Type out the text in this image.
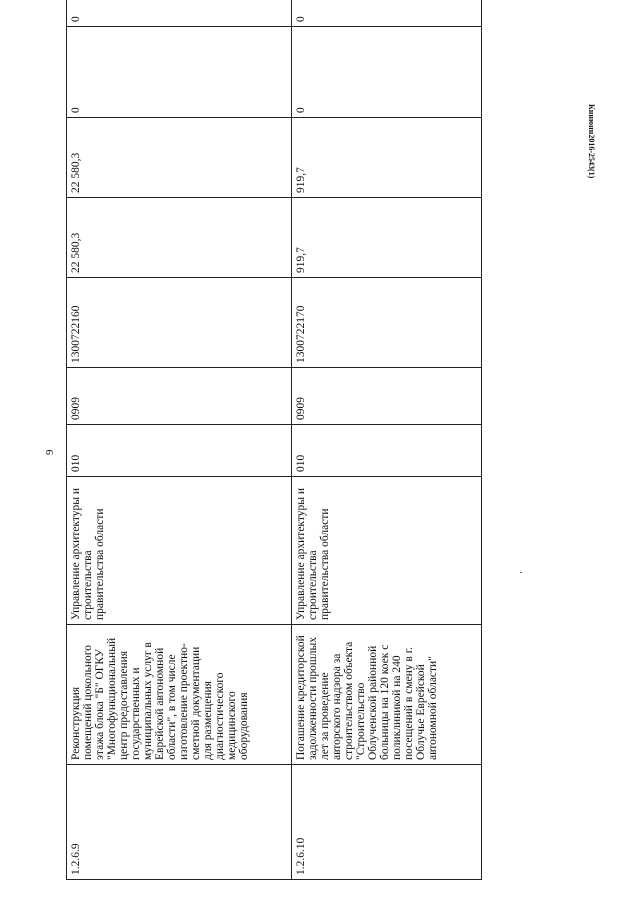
9
Кннюнн2016-2543(1)
1.2.6.9	Реконструкция помещений цокольного этажа блока "Б" ОГКУ "Многофункциональный центр предоставления государственных и муниципальных услуг в Еврейской автономной области", в том числе изготовление проектно-сметной документации для размещения диагностического медицинского оборудования	Управление архитектуры и строительства правительства области	010	0909	1300722160	22 580,3	22 580,3	0	0
1.2.6.10	Погашение кредиторской задолженности прошлых лет за проведение авторского надзора за строительством объекта "Строительство Облученской районной больницы на 120 коек с поликлиникой на 240 посещений в смену в г. Облучье Еврейской автономной области"	Управление архитектуры и строительства правительства области	010	0909	1300722170	919,7	919,7	0	0
